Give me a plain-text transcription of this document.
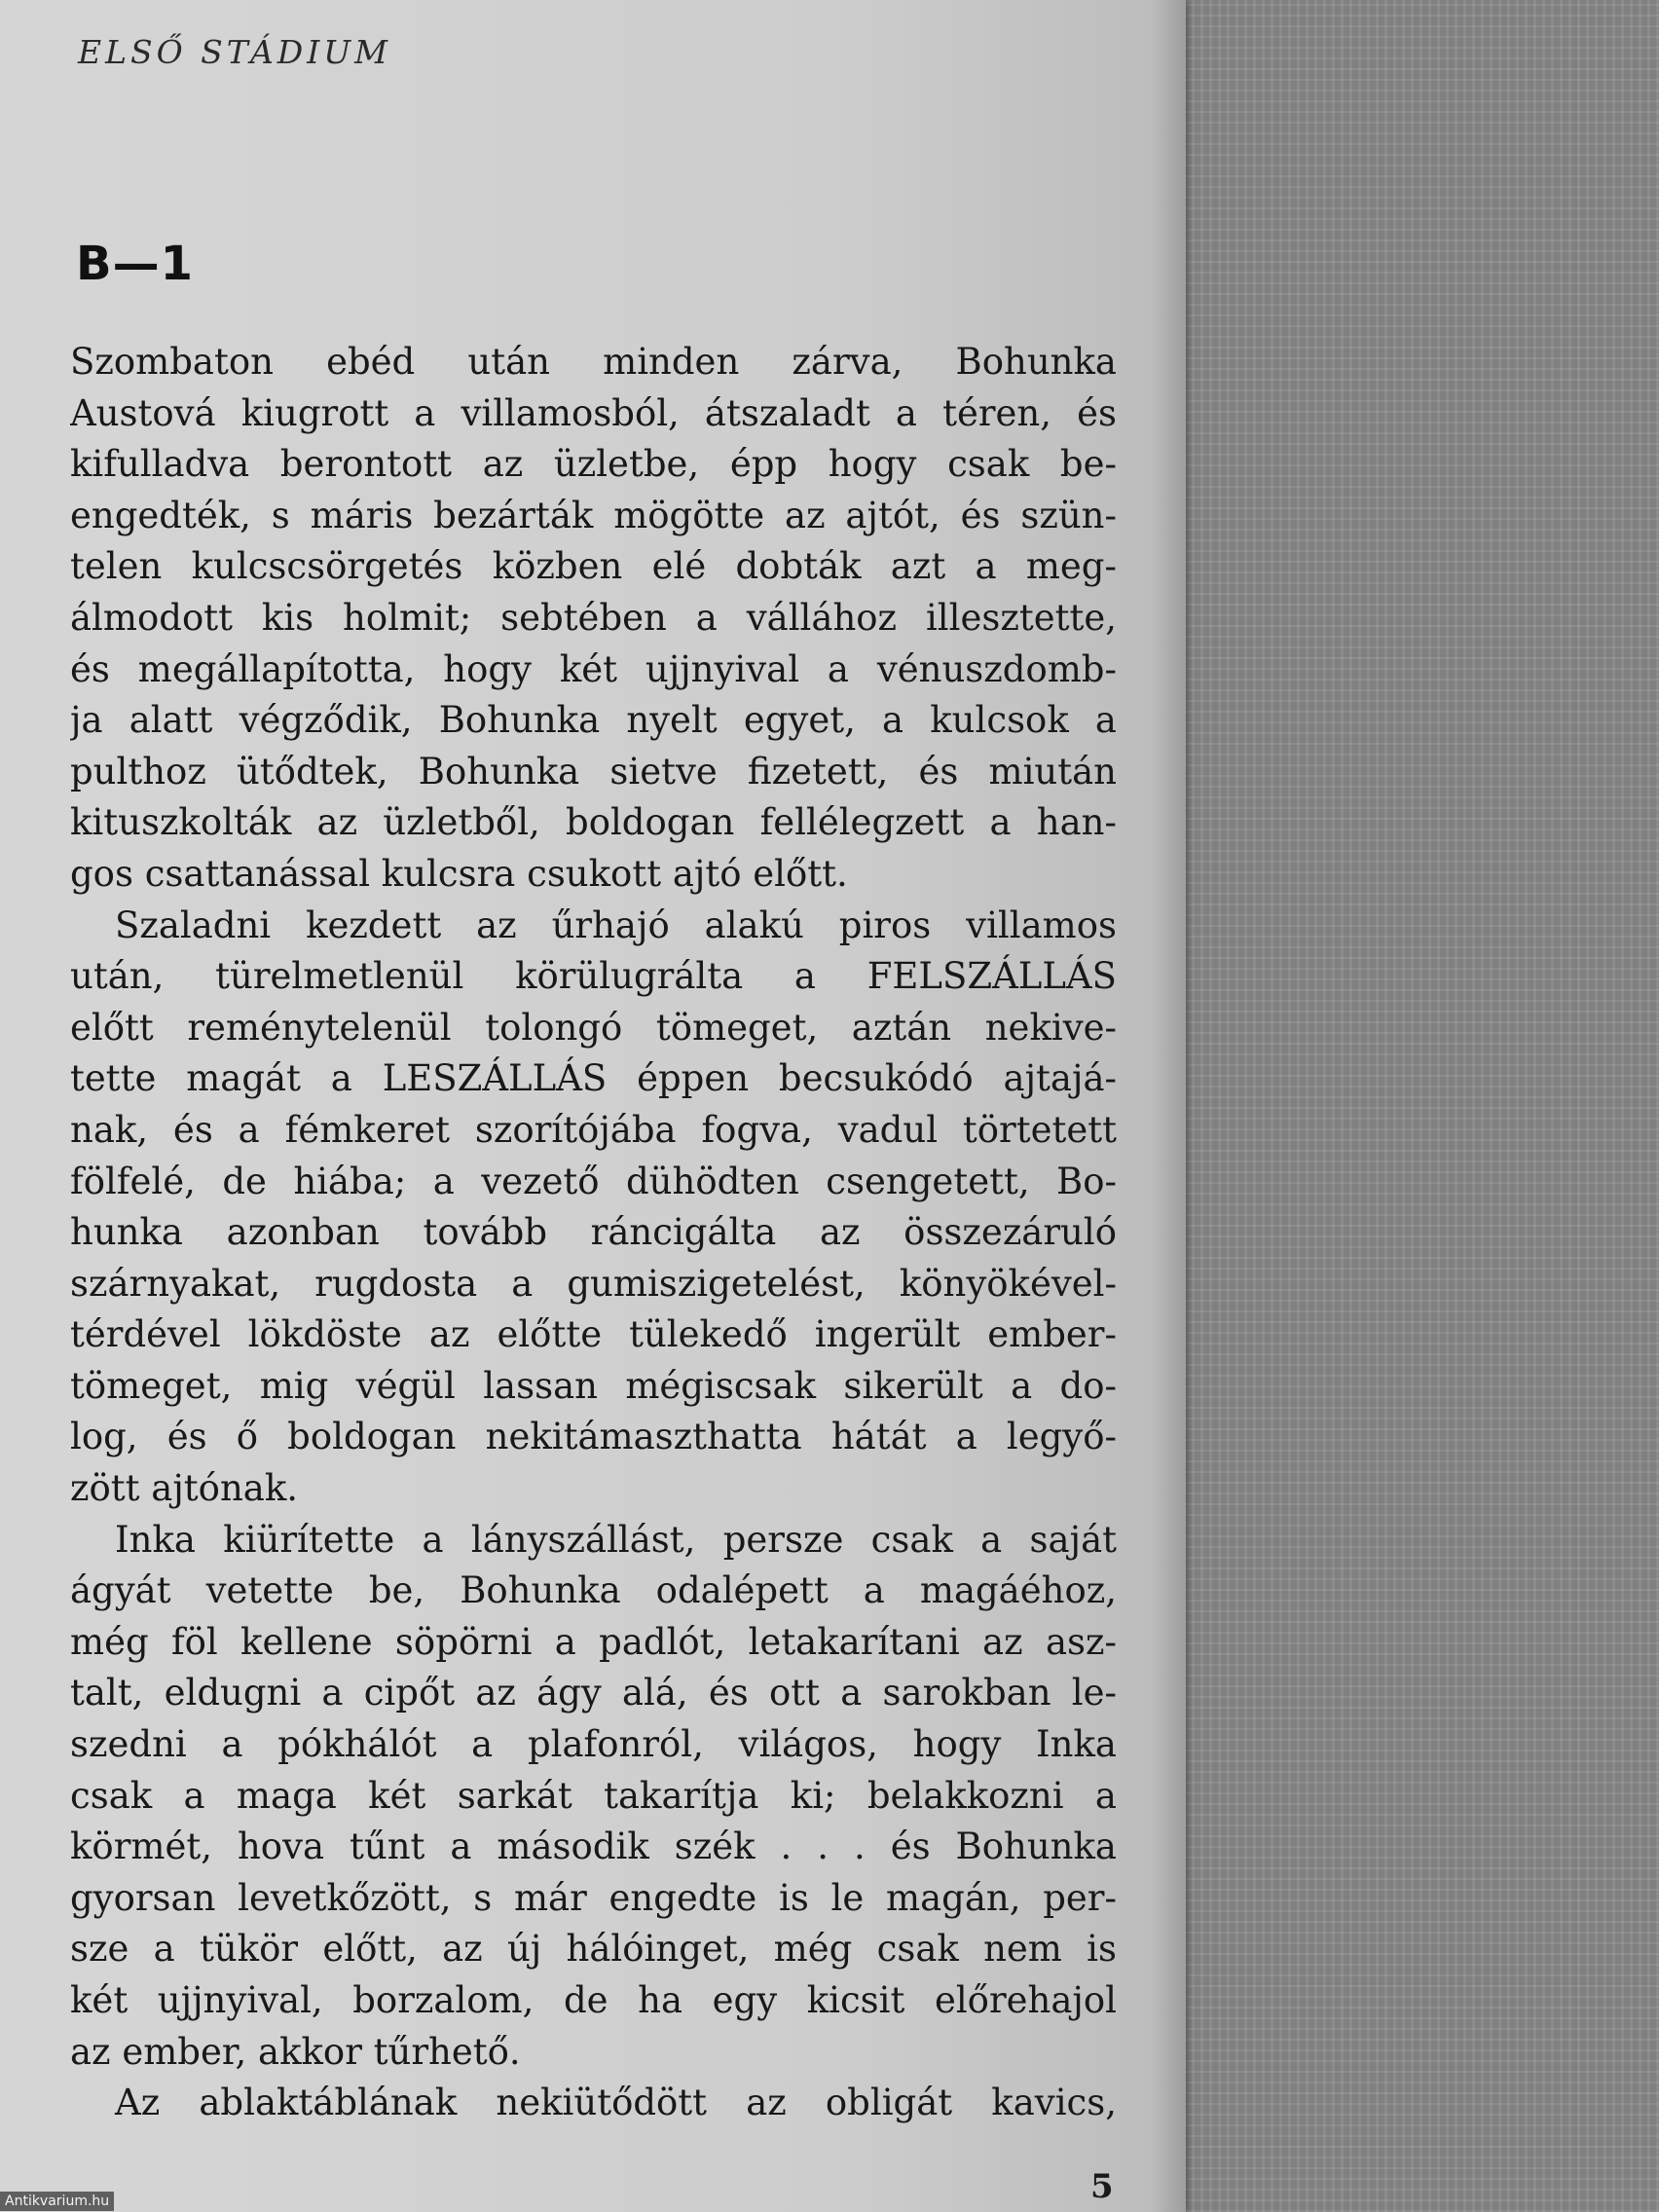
ELSŐ STÁDIUM
B—1
Szombaton ebéd után minden zárva, Bohunka
Austová kiugrott a villamosból, átszaladt a téren, és
kifulladva berontott az üzletbe, épp hogy csak be-
engedték, s máris bezárták mögötte az ajtót, és szün-
telen kulcscsörgetés közben elé dobták azt a meg-
álmodott kis holmit; sebtében a vállához illesztette,
és megállapította, hogy két ujjnyival a vénuszdomb-
ja alatt végződik, Bohunka nyelt egyet, a kulcsok a
pulthoz ütődtek, Bohunka sietve fizetett, és miután
kituszkolták az üzletből, boldogan fellélegzett a han-
gos csattanással kulcsra csukott ajtó előtt.
Szaladni kezdett az űrhajó alakú piros villamos
után, türelmetlenül körülugrálta a FELSZÁLLÁS
előtt reménytelenül tolongó tömeget, aztán nekive-
tette magát a LESZÁLLÁS éppen becsukódó ajtajá-
nak, és a fémkeret szorítójába fogva, vadul törtetett
fölfelé, de hiába; a vezető dühödten csengetett, Bo-
hunka azonban tovább ráncigálta az összezáruló
szárnyakat, rugdosta a gumiszigetelést, könyökével-
térdével lökdöste az előtte tülekedő ingerült ember-
tömeget, mig végül lassan mégiscsak sikerült a do-
log, és ő boldogan nekitámaszthatta hátát a legyő-
zött ajtónak.
Inka kiürítette a lányszállást, persze csak a saját
ágyát vetette be, Bohunka odalépett a magáéhoz,
még föl kellene söpörni a padlót, letakarítani az asz-
talt, eldugni a cipőt az ágy alá, és ott a sarokban le-
szedni a pókhálót a plafonról, világos, hogy Inka
csak a maga két sarkát takarítja ki; belakkozni a
körmét, hova tűnt a második szék . . . és Bohunka
gyorsan levetkőzött, s már engedte is le magán, per-
sze a tükör előtt, az új hálóinget, még csak nem is
két ujjnyival, borzalom, de ha egy kicsit előrehajol
az ember, akkor tűrhető.
Az ablaktáblának nekiütődött az obligát kavics,
5
Antikvarium.hu
